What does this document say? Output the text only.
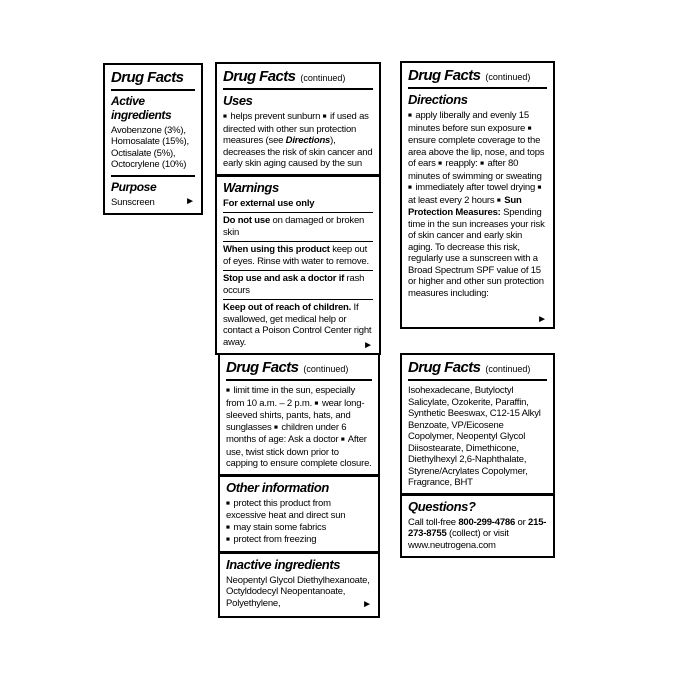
Drug Facts
Active ingredients

Avobenzone (3%), Homosalate (15%), Octisalate (5%), Octocrylene (10%)

Purpose
Sunscreen	►
Drug Facts (continued)
Uses

■ helps prevent sunburn ■ if used as directed with other sun protection measures (see Directions), decreases the risk of skin cancer and early skin aging caused by the sun

Warnings

For external use only

Do not use on damaged or broken skin

When using this product keep out of eyes. Rinse with water to remove.

Stop use and ask a doctor if rash occurs

Keep out of reach of children. If swallowed, get medical help or contact a Poison Control Center right away.	►
Drug Facts (continued)
Directions

■ apply liberally and evenly 15 minutes before sun exposure ■ ensure complete coverage to the area above the lip, nose, and tops of ears ■ reapply: ■ after 80 minutes of swimming or sweating ■ immediately after towel drying ■ at least every 2 hours ■ Sun Protection Measures: Spending time in the sun increases your risk of skin cancer and early skin aging. To decrease this risk, regularly use a sunscreen with a Broad Spectrum SPF value of 15 or higher and other sun protection measures including:

►
Drug Facts (continued)

■ limit time in the sun, especially from 10 a.m. – 2 p.m. ■ wear long-sleeved shirts, pants, hats, and sunglasses ■ children under 6 months of age: Ask a doctor ■ After use, twist stick down prior to capping to ensure complete closure.

Other information

■ protect this product from excessive heat and direct sun
■ may stain some fabrics
■ protect from freezing

Inactive ingredients

Neopentyl Glycol Diethylhexanoate, Octyldodecyl Neopentanoate, Polyethylene,	►
Drug Facts (continued)

Isohexadecane, Butyloctyl Salicylate, Ozokerite, Paraffin, Synthetic Beeswax, C12-15 Alkyl Benzoate, VP/Eicosene Copolymer, Neopentyl Glycol Diisostearate, Dimethicone, Diethylhexyl 2,6-Naphthalate, Styrene/Acrylates Copolymer, Fragrance, BHT

Questions?

Call toll-free 800-299-4786 or 215-273-8755 (collect) or visit www.neutrogena.com
